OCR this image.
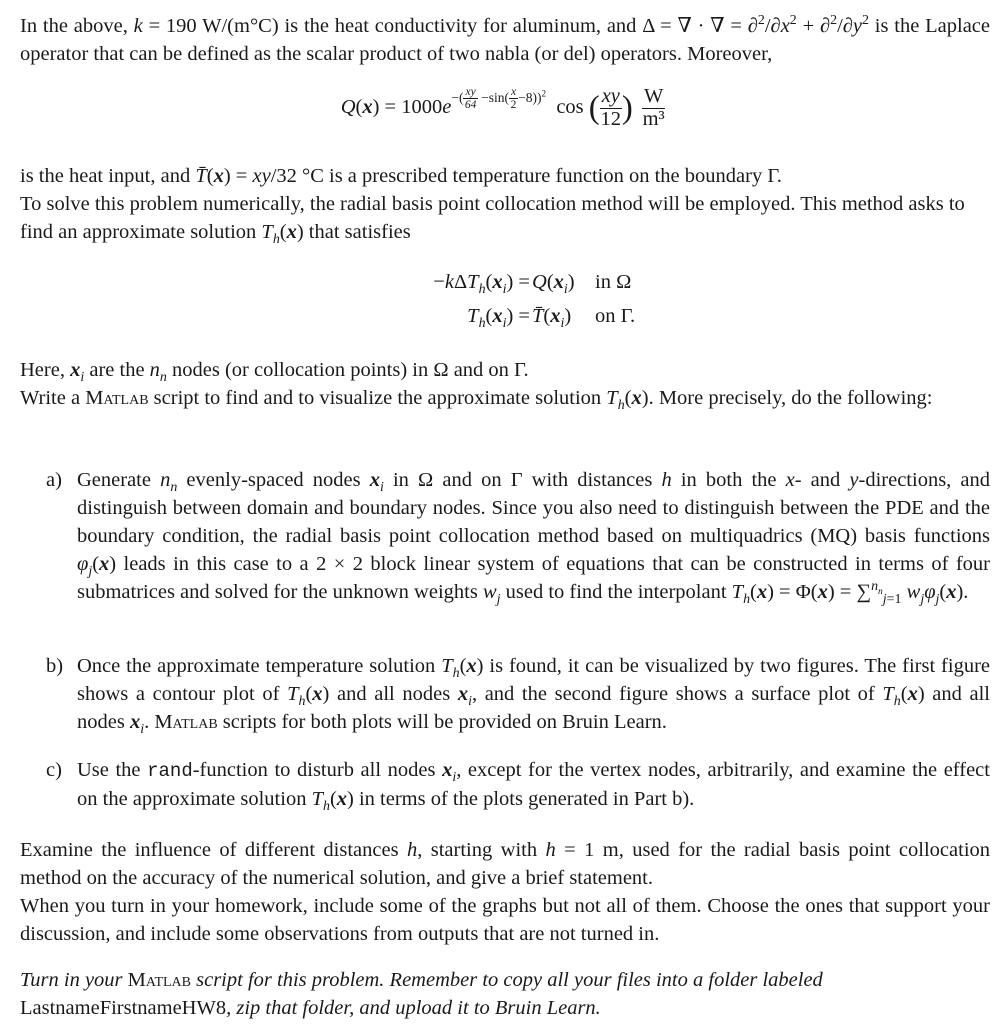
In the above, k = 190 W/(m°C) is the heat conductivity for aluminum, and Δ = ∇ · ∇ = $\partial^2/\partial x^2 + \partial^2/\partial y^2$ is the Laplace operator that can be defined as the scalar product of two nabla (or del) operators. Moreover,

$Q(x) = 1000e^{-( \frac{xy}{64} -sin( \frac{x}{2} -8))^2}$  cos ( $\frac{xy}{12}$ ) $\frac{W}{\text{m³}}$

is the heat input, and T̄(x) = xy/32 °C is a prescribed temperature function on the boundary Γ.
To solve this problem numerically, the radial basis point collocation method will be employed. This method asks to find an approximate solution $T_h(x)$ that satisfies

$-k\Delta T_h(x_i) = Q(x_i)$ in Ω
$T_h(x_i)$ = $T̄(x_i)$ on Γ.

Here, $x_i$ are the $n_n$ nodes (or collocation points) in Ω and on Γ.
Write a Matlab script to find and to visualize the approximate solution $T_h(x)$. More precisely, do the following:

a) Generate $n_n$ evenly-spaced nodes $x_i$ in Ω and on Γ with distances h in both the x- and y-directions, and distinguish between domain and boundary nodes. Since you also need to distinguish between the PDE and the boundary condition, the radial basis point collocation method based on multiquadrics (MQ) basis functions $\varphi_j(x)$ leads in this case to a 2 × 2 block linear system of equations that can be constructed in terms of four submatrices and solved for the unknown weights $w_j$ used to find the interpolant $T_h(x) = \Phi(x) = \sum^{n_n}_{j=1}$ $w_j\varphi_j(x)$.

b) Once the approximate temperature solution $T_h(x)$ is found, it can be visualized by two figures. The first figure shows a contour plot of $T_h(x)$ and all nodes $x_i$, and the second figure shows a surface plot of $T_h(x)$ and all nodes $x_i$. Matlab scripts for both plots will be provided on Bruin Learn.

c) Use the rand-function to disturb all nodes $x_i$, except for the vertex nodes, arbitrarily, and examine the effect on the approximate solution $T_h(x)$ in terms of the plots generated in Part b).

Examine the influence of different distances h, starting with h = 1 m, used for the radial basis point collocation method on the accuracy of the numerical solution, and give a brief statement.
When you turn in your homework, include some of the graphs but not all of them. Choose the ones that support your discussion, and include some observations from outputs that are not turned in.

Turn in your Matlab script for this problem. Remember to copy all your files into a folder labeled LastnameFirstnameHW8, zip that folder, and upload it to Bruin Learn.
